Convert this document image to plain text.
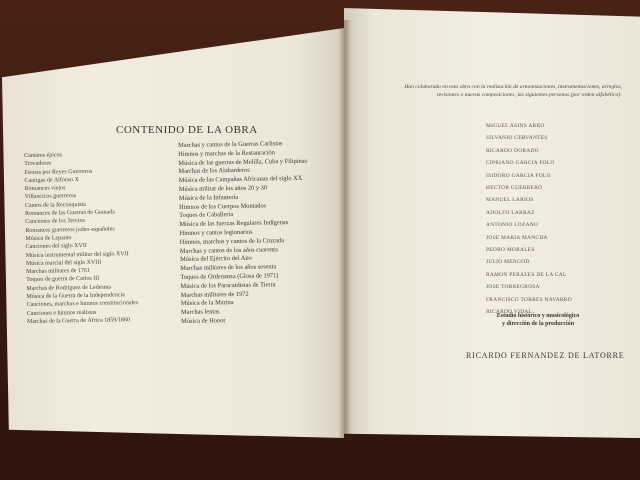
CONTENIDO DE LA OBRA
Cantares épicos
Trovadores
Fiestas por Reyes Guerreros
Cantigas de Alfonso X
Romances viejos
Villancicos guerreros
Cantos de la Reconquista
Romances de las Guerras de Granada
Canciones de los Tercios
Romances guerreros judeo-españoles
Música de Lepanto
Canciones del siglo XVII
Música instrumental militar del siglo XVII
Música marcial del siglo XVIII
Marchas militares de 1761
Toques de guerra de Carlos III
Marchas de Rodríguez de Ledesma
Música de la Guerra de la Independencia
Canciones, marchas e himnos constitucionales
Canciones e himnos realistas
Marchas de la Guerra de África 1859/1860
Marchas y cantos de la Guerras Carlistas
Himnos y marchas de la Restauración
Música de las guerras de Melilla, Cuba y Filipinas
Marchas de los Alabarderos
Música de las Campañas Africanas del siglo XX
Música militar de los años 20 y 30
Música de la Infantería
Himnos de los Cuerpos Montados
Toques de Caballería
Música de las fuerzas Regulares Indígenas
Himnos y cantos legionarios
Himnos, marchas y cantos de la Cruzada
Marchas y cantos de los años cuarenta
Música del Ejército del Aire
Marchas militares de los años sesenta
Toques de Ordenanza (Glosa de 1971)
Música de los Paracaidistas de Tierra
Marchas militares de 1972
Música de la Marina
Marchas lentas
Música de Honor
Han colaborado en esta obra con la realización de armonizaciones, instrumentaciones, arreglos, revisiones o nuevas composiciones, las siguientes personas (por orden alfabético):
MIGUEL ASINS ARBO
SILVANIO CERVANTES
RICARDO DORADO
CIPRIANO GARCIA FOLO
ISIDORO GARCIA FOLO
HECTOR GUERRERO
MANUEL LARIOS
ADOLFO LARRAZ
ANTONIO LOZANO
JOSE MARIA MANCHA
PEDRO MORALES
JULIO MENGOD
RAMON PERALES DE LA CAL
JOSE TORREGROSA
FRANCISCO TORRES NAVARRO
RICARDO VIDAL
Estudio histórico y musicológico
y dirección de la producción
RICARDO FERNANDEZ DE LATORRE
